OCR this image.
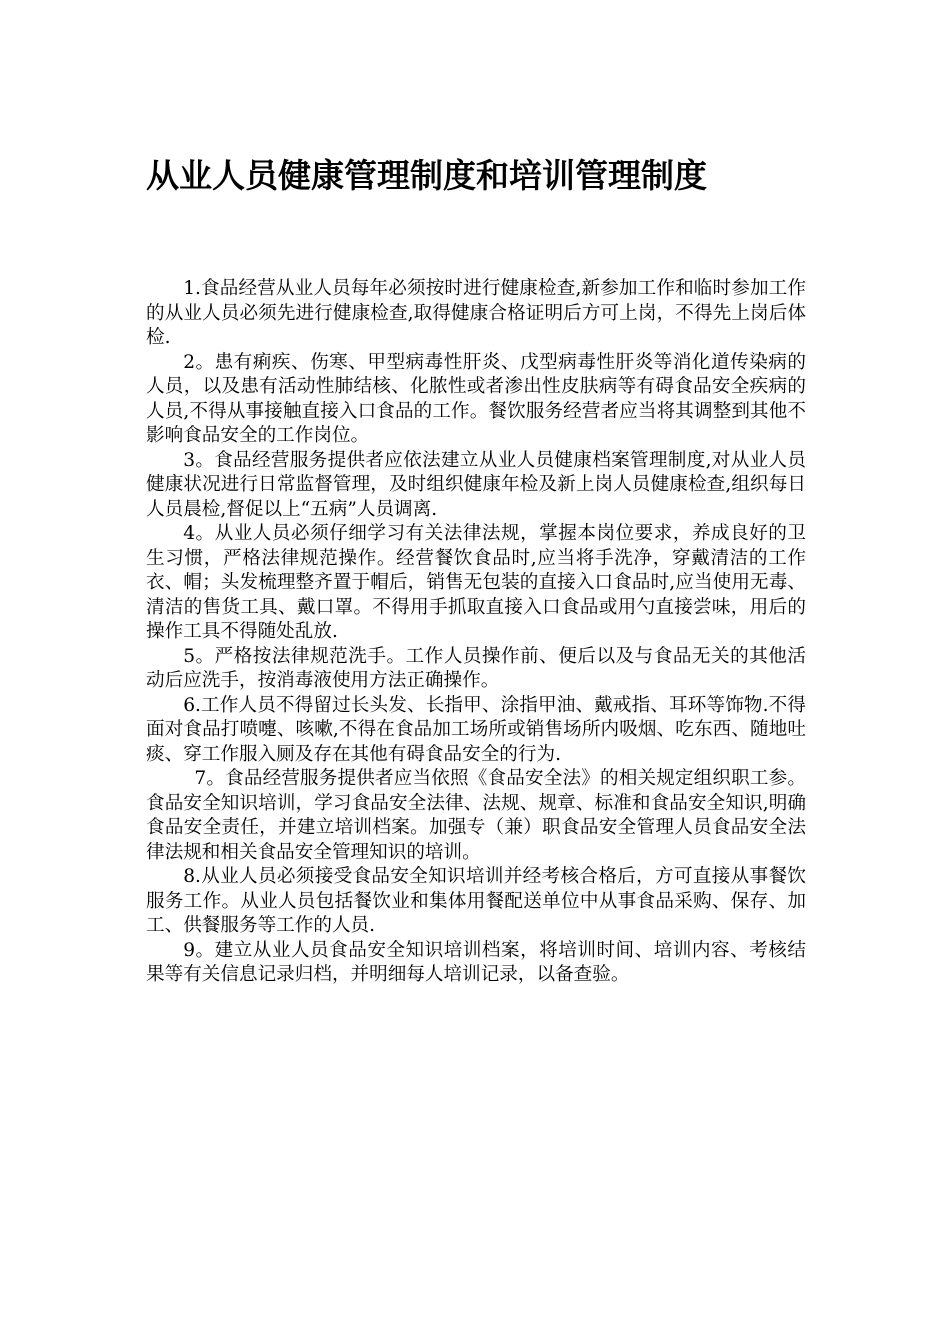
从业人员健康管理制度和培训管理制度

1.食品经营从业人员每年必须按时进行健康检查,新参加工作和临时参加工作的从业人员必须先进行健康检查,取得健康合格证明后方可上岗，不得先上岗后体检.

2。患有痢疾、伤寒、甲型病毒性肝炎、戊型病毒性肝炎等消化道传染病的人员，以及患有活动性肺结核、化脓性或者渗出性皮肤病等有碍食品安全疾病的人员,不得从事接触直接入口食品的工作。餐饮服务经营者应当将其调整到其他不影响食品安全的工作岗位。

3。食品经营服务提供者应依法建立从业人员健康档案管理制度,对从业人员健康状况进行日常监督管理，及时组织健康年检及新上岗人员健康检查,组织每日人员晨检,督促以上“五病”人员调离.

4。从业人员必须仔细学习有关法律法规，掌握本岗位要求，养成良好的卫生习惯，严格法律规范操作。经营餐饮食品时,应当将手洗净，穿戴清洁的工作衣、帽；头发梳理整齐置于帽后，销售无包装的直接入口食品时,应当使用无毒、清洁的售货工具、戴口罩。不得用手抓取直接入口食品或用勺直接尝味，用后的操作工具不得随处乱放.

5。严格按法律规范洗手。工作人员操作前、便后以及与食品无关的其他活动后应洗手，按消毒液使用方法正确操作。

6.工作人员不得留过长头发、长指甲、涂指甲油、戴戒指、耳环等饰物.不得面对食品打喷嚏、咳嗽,不得在食品加工场所或销售场所内吸烟、吃东西、随地吐痰、穿工作服入厕及存在其他有碍食品安全的行为.

7。食品经营服务提供者应当依照《食品安全法》的相关规定组织职工参。食品安全知识培训，学习食品安全法律、法规、规章、标准和食品安全知识,明确食品安全责任，并建立培训档案。加强专（兼）职食品安全管理人员食品安全法律法规和相关食品安全管理知识的培训。

8.从业人员必须接受食品安全知识培训并经考核合格后，方可直接从事餐饮服务工作。从业人员包括餐饮业和集体用餐配送单位中从事食品采购、保存、加工、供餐服务等工作的人员.

9。建立从业人员食品安全知识培训档案，将培训时间、培训内容、考核结果等有关信息记录归档，并明细每人培训记录，以备查验。
